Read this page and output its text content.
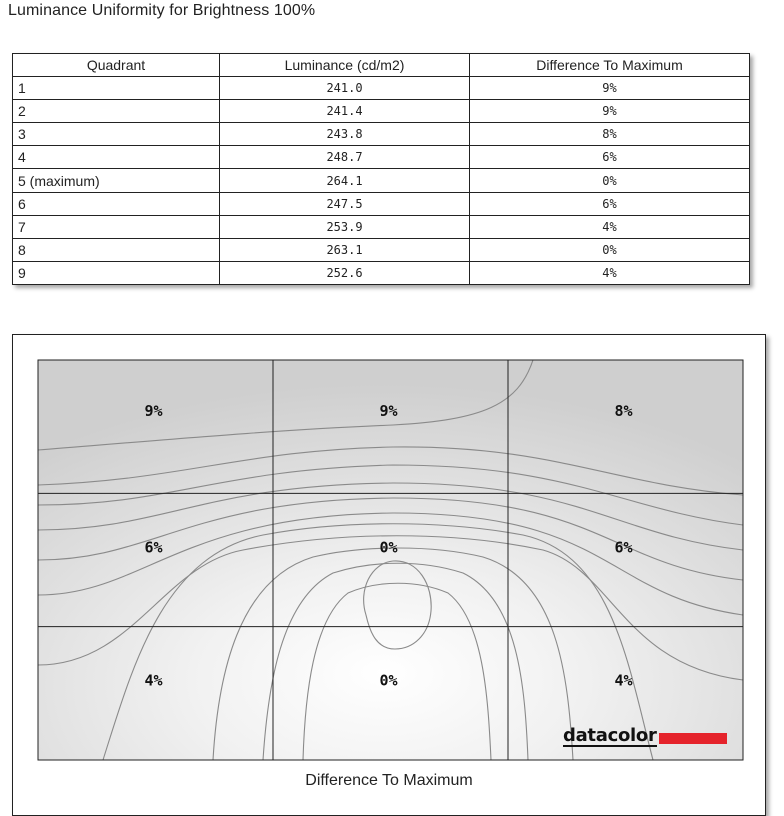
Luminance Uniformity for Brightness 100%
Quadrant	Luminance (cd/m2)	Difference To Maximum
1	241.0	9%
2	241.4	9%
3	243.8	8%
4	248.7	6%
5 (maximum)	264.1	0%
6	247.5	6%
7	253.9	4%
8	263.1	0%
9	252.6	4%
9%	9%	8%
6%	0%	6%
4%	0%	4%
Difference To Maximum
datacolor
